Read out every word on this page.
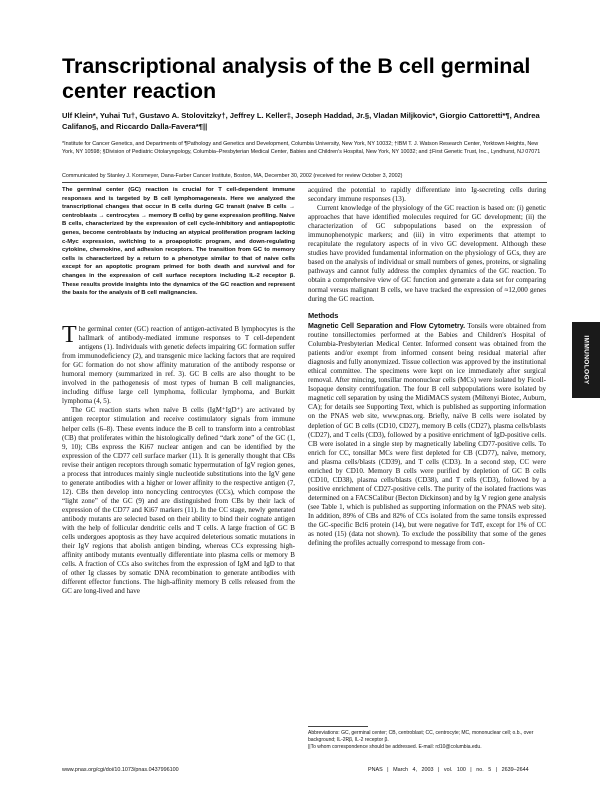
Transcriptional analysis of the B cell germinal center reaction

Ulf Klein*, Yuhai Tu†, Gustavo A. Stolovitzky†, Jeffrey L. Keller‡, Joseph Haddad, Jr.§, Vladan Miljkovic*, Giorgio Cattoretti*¶, Andrea Califano§, and Riccardo Dalla-Favera*¶||

*Institute for Cancer Genetics, and Departments of ¶Pathology and Genetics and Development, Columbia University, New York, NY 10032; †IBM T. J. Watson Research Center, Yorktown Heights, New York, NY 10598; §Division of Pediatric Otolaryngology, Columbia–Presbyterian Medical Center, Babies and Children's Hospital, New York, NY 10032; and ‡First Genetic Trust, Inc., Lyndhurst, NJ 07071

Communicated by Stanley J. Korsmeyer, Dana-Farber Cancer Institute, Boston, MA, December 30, 2002 (received for review October 3, 2002)

The germinal center (GC) reaction is crucial for T cell-dependent immune responses and is targeted by B cell lymphomagenesis. Here we analyzed the transcriptional changes that occur in B cells during GC transit (naive B cells → centroblasts → centrocytes → memory B cells) by gene expression profiling. Naive B cells, characterized by the expression of cell cycle-inhibitory and antiapoptotic genes, become centroblasts by inducing an atypical proliferation program lacking c-Myc expression, switching to a proapoptotic program, and down-regulating cytokine, chemokine, and adhesion receptors. The transition from GC to memory cells is characterized by a return to a phenotype similar to that of naive cells except for an apoptotic program primed for both death and survival and for changes in the expression of cell surface receptors including IL-2 receptor β. These results provide insights into the dynamics of the GC reaction and represent the basis for the analysis of B cell malignancies.

The germinal center (GC) reaction of antigen-activated B lymphocytes is the hallmark of antibody-mediated immune responses to T cell-dependent antigens (1). Individuals with genetic defects impairing GC formation suffer from immunodeficiency (2), and transgenic mice lacking factors that are required for GC formation do not show affinity maturation of the antibody response or humoral memory (summarized in ref. 3). GC B cells are also thought to be involved in the pathogenesis of most types of human B cell malignancies, including diffuse large cell lymphoma, follicular lymphoma, and Burkitt lymphoma (4, 5).

The GC reaction starts when naïve B cells (IgM⁺IgD⁺) are activated by antigen receptor stimulation and receive costimulatory signals from immune helper cells (6–8). These events induce the B cell to transform into a centroblast (CB) that proliferates within the histologically defined “dark zone” of the GC (1, 9, 10); CBs express the Ki67 nuclear antigen and can be identified by the expression of the CD77 cell surface marker (11). It is generally thought that CBs revise their antigen receptors through somatic hypermutation of IgV region genes, a process that introduces mainly single nucleotide substitutions into the IgV gene to generate antibodies with a higher or lower affinity to the respective antigen (7, 12). CBs then develop into noncycling centrocytes (CCs), which compose the “light zone” of the GC (9) and are distinguished from CBs by their lack of expression of the CD77 and Ki67 markers (11). In the CC stage, newly generated antibody mutants are selected based on their ability to bind their cognate antigen with the help of follicular dendritic cells and T cells. A large fraction of GC B cells undergoes apoptosis as they have acquired deleterious somatic mutations in their IgV regions that abolish antigen binding, whereas CCs expressing high-affinity antibody mutants eventually differentiate into plasma cells or memory B cells. A fraction of CCs also switches from the expression of IgM and IgD to that of other Ig classes by somatic DNA recombination to generate antibodies with different effector functions. The high-affinity memory B cells released from the GC are long-lived and have

acquired the potential to rapidly differentiate into Ig-secreting cells during secondary immune responses (13).

Current knowledge of the physiology of the GC reaction is based on: (i) genetic approaches that have identified molecules required for GC development; (ii) the characterization of GC subpopulations based on the expression of immunophenotypic markers; and (iii) in vitro experiments that attempt to recapitulate the regulatory aspects of in vivo GC development. Although these studies have provided fundamental information on the physiology of GCs, they are based on the analysis of individual or small numbers of genes, proteins, or signaling pathways and cannot fully address the complex dynamics of the GC reaction. To obtain a comprehensive view of GC function and generate a data set for comparing normal versus malignant B cells, we have tracked the expression of ≈12,000 genes during the GC reaction.

Methods

Magnetic Cell Separation and Flow Cytometry. Tonsils were obtained from routine tonsillectomies performed at the Babies and Children's Hospital of Columbia-Presbyterian Medical Center. Informed consent was obtained from the patients and/or exempt from informed consent being residual material after diagnosis and fully anonymized. Tissue collection was approved by the institutional ethical committee. The specimens were kept on ice immediately after surgical removal. After mincing, tonsillar mononuclear cells (MCs) were isolated by Ficoll-Isopaque density centrifugation. The four B cell subpopulations were isolated by magnetic cell separation by using the MidiMACS system (Miltenyi Biotec, Auburn, CA); for details see Supporting Text, which is published as supporting information on the PNAS web site, www.pnas.org. Briefly, naïve B cells were isolated by depletion of GC B cells (CD10, CD27), memory B cells (CD27), plasma cells/blasts (CD27), and T cells (CD3), followed by a positive enrichment of IgD-positive cells. CB were isolated in a single step by magnetically labeling CD77-positive cells. To enrich for CC, tonsillar MCs were first depleted for CB (CD77), naïve, memory, and plasma cells/blasts (CD39), and T cells (CD3). In a second step, CC were enriched by CD10. Memory B cells were purified by depletion of GC B cells (CD10, CD38), plasma cells/blasts (CD38), and T cells (CD3), followed by a positive enrichment of CD27-positive cells. The purity of the isolated fractions was determined on a FACSCalibur (Becton Dickinson) and by Ig V region gene analysis (see Table 1, which is published as supporting information on the PNAS web site). In addition, 89% of CBs and 82% of CCs isolated from the same tonsils expressed the GC-specific Bcl6 protein (14), but were negative for TdT, except for 1% of CC as noted (15) (data not shown). To exclude the possibility that some of the genes defining the profiles actually correspond to message from con-

Abbreviations: GC, germinal center; CB, centroblast; CC, centrocyte; MC, mononuclear cell; o.b., over background; IL-2Rβ, IL-2 receptor β.
||To whom correspondence should be addressed. E-mail: rd10@columbia.edu.

www.pnas.org/cgi/doi/10.1073/pnas.0437996100	PNAS | March 4, 2003 | vol. 100 | no. 5 | 2639–2644

IMMUNOLOGY
